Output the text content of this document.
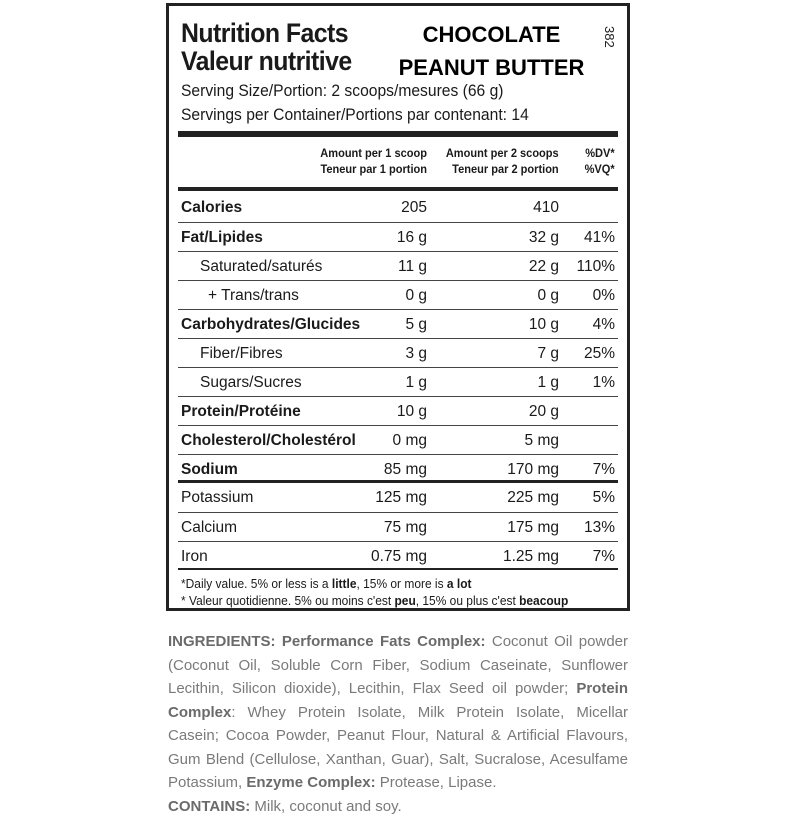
Nutrition Facts
Valeur nutritive
CHOCOLATE
PEANUT BUTTER
382
Serving Size/Portion: 2 scoops/mesures (66 g)
Servings per Container/Portions par contenant: 14
Amount per 1 scoop
Teneur par 1 portion
Amount per 2 scoops
Teneur par 2 portion
%DV*
%VQ*
Calories	205	410
Fat/Lipides	16 g	32 g 41%
Saturated/saturés	11 g	22 g 110%
+ Trans/trans	0 g	0 g 0%
Carbohydrates/Glucides	5 g	10 g 4%
Fiber/Fibres	3 g	7 g 25%
Sugars/Sucres	1 g	1 g 1%
Protein/Protéine	10 g	20 g
Cholesterol/Cholestérol 0 mg	5 mg
Sodium	85 mg	170 mg 7%
Potassium	125 mg	225 mg 5%
Calcium	75 mg	175 mg 13%
Iron	0.75 mg	1.25 mg 7%
*Daily value. 5% or less is a little, 15% or more is a lot
* Valeur quotidienne. 5% ou moins c'est peu, 15% ou plus c'est beacoup
INGREDIENTS: Performance Fats Complex: Coconut Oil powder (Coconut Oil, Soluble Corn Fiber, Sodium Caseinate, Sunflower Lecithin, Silicon dioxide), Lecithin, Flax Seed oil powder; Protein Complex: Whey Protein Isolate, Milk Protein Isolate, Micellar Casein; Cocoa Powder, Peanut Flour, Natural & Artificial Flavours, Gum Blend (Cellulose, Xanthan, Guar), Salt, Sucralose, Acesulfame Potassium, Enzyme Complex: Protease, Lipase.
CONTAINS: Milk, coconut and soy.
